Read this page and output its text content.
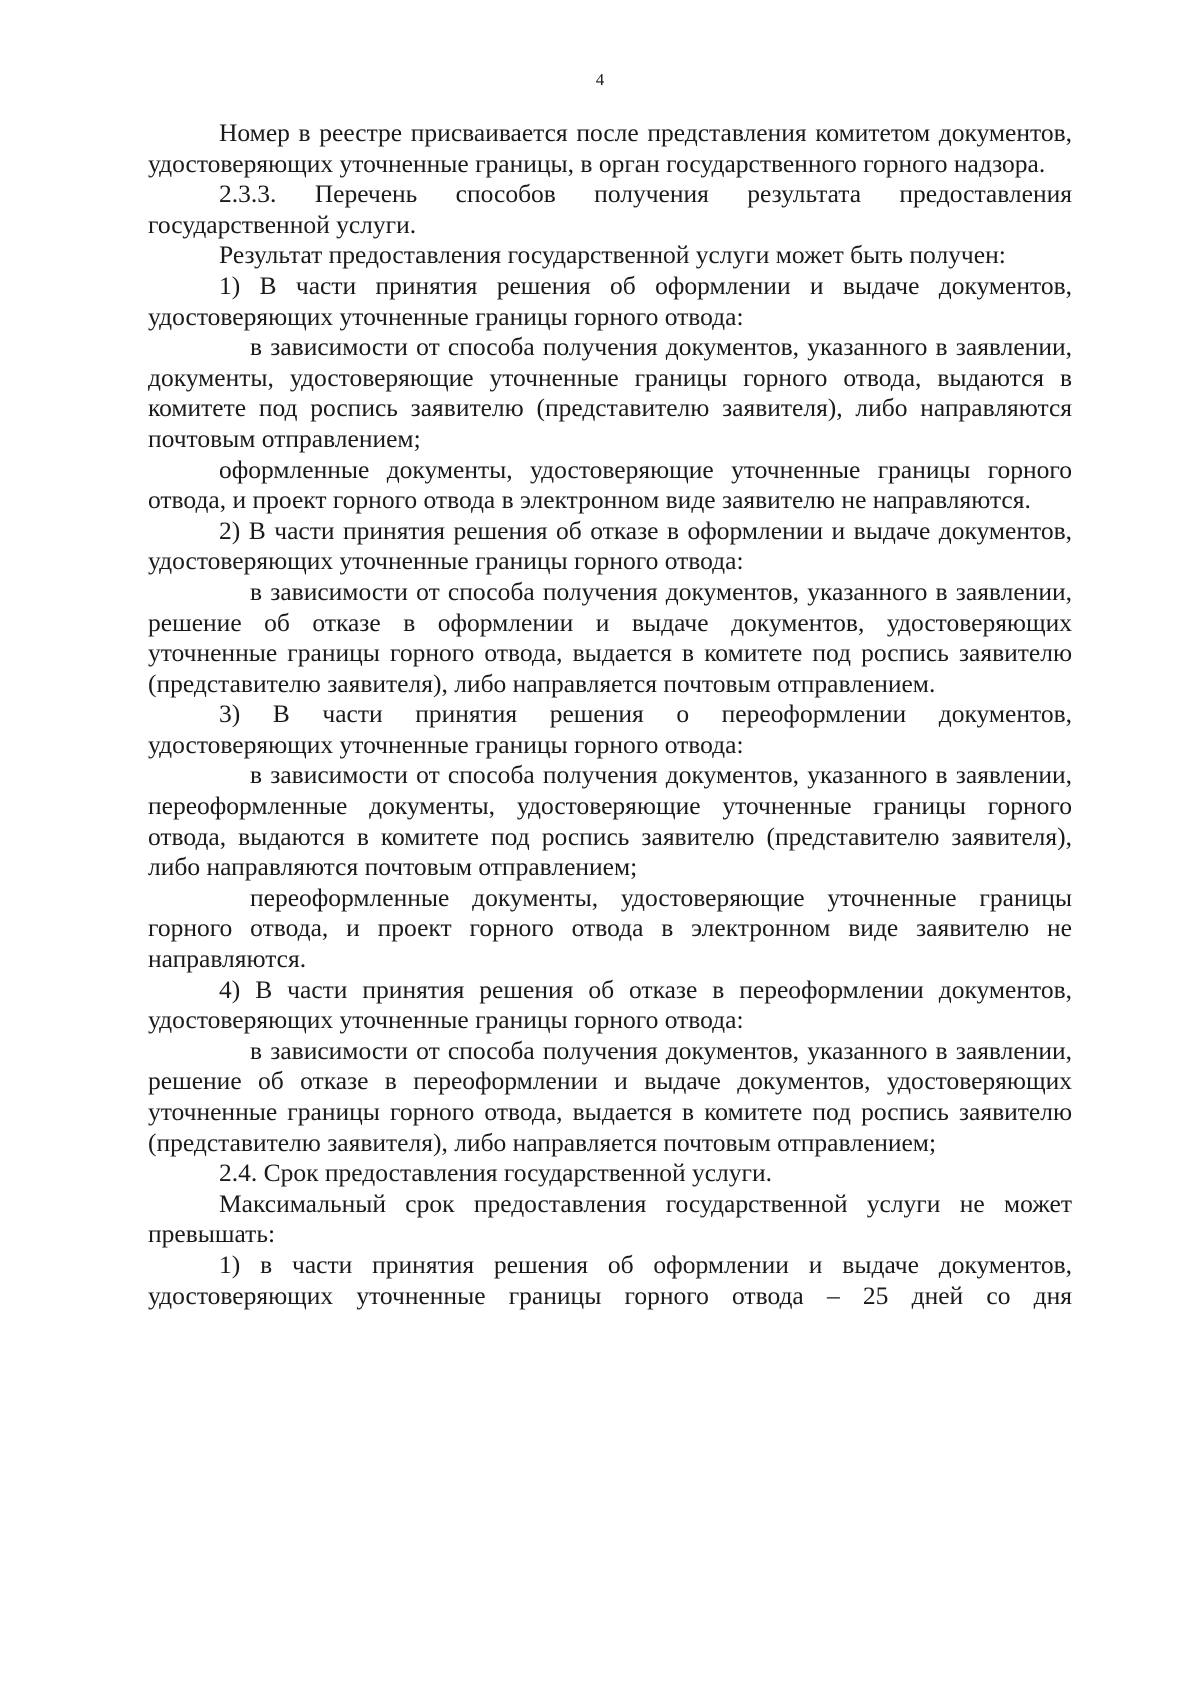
4

Номер в реестре присваивается после представления комитетом документов, удостоверяющих уточненные границы, в орган государственного горного надзора.

2.3.3. Перечень способов получения результата предоставления государственной услуги.

Результат предоставления государственной услуги может быть получен:

1) В части принятия решения об оформлении и выдаче документов, удостоверяющих уточненные границы горного отвода:

в зависимости от способа получения документов, указанного в заявлении, документы, удостоверяющие уточненные границы горного отвода, выдаются в комитете под роспись заявителю (представителю заявителя), либо направляются почтовым отправлением;

оформленные документы, удостоверяющие уточненные границы горного отвода, и проект горного отвода в электронном виде заявителю не направляются.

2) В части принятия решения об отказе в оформлении и выдаче документов, удостоверяющих уточненные границы горного отвода:

в зависимости от способа получения документов, указанного в заявлении, решение об отказе в оформлении и выдаче документов, удостоверяющих уточненные границы горного отвода, выдается в комитете под роспись заявителю (представителю заявителя), либо направляется почтовым отправлением.

3) В части принятия решения о переоформлении документов, удостоверяющих уточненные границы горного отвода:

в зависимости от способа получения документов, указанного в заявлении, переоформленные документы, удостоверяющие уточненные границы горного отвода, выдаются в комитете под роспись заявителю (представителю заявителя), либо направляются почтовым отправлением;

переоформленные документы, удостоверяющие уточненные границы горного отвода, и проект горного отвода в электронном виде заявителю не направляются.

4) В части принятия решения об отказе в переоформлении документов, удостоверяющих уточненные границы горного отвода:

в зависимости от способа получения документов, указанного в заявлении, решение об отказе в переоформлении и выдаче документов, удостоверяющих уточненные границы горного отвода, выдается в комитете под роспись заявителю (представителю заявителя), либо направляется почтовым отправлением;

2.4. Срок предоставления государственной услуги.

Максимальный срок предоставления государственной услуги не может превышать:

1) в части принятия решения об оформлении и выдаче документов, удостоверяющих уточненные границы горного отвода – 25 дней со дня
